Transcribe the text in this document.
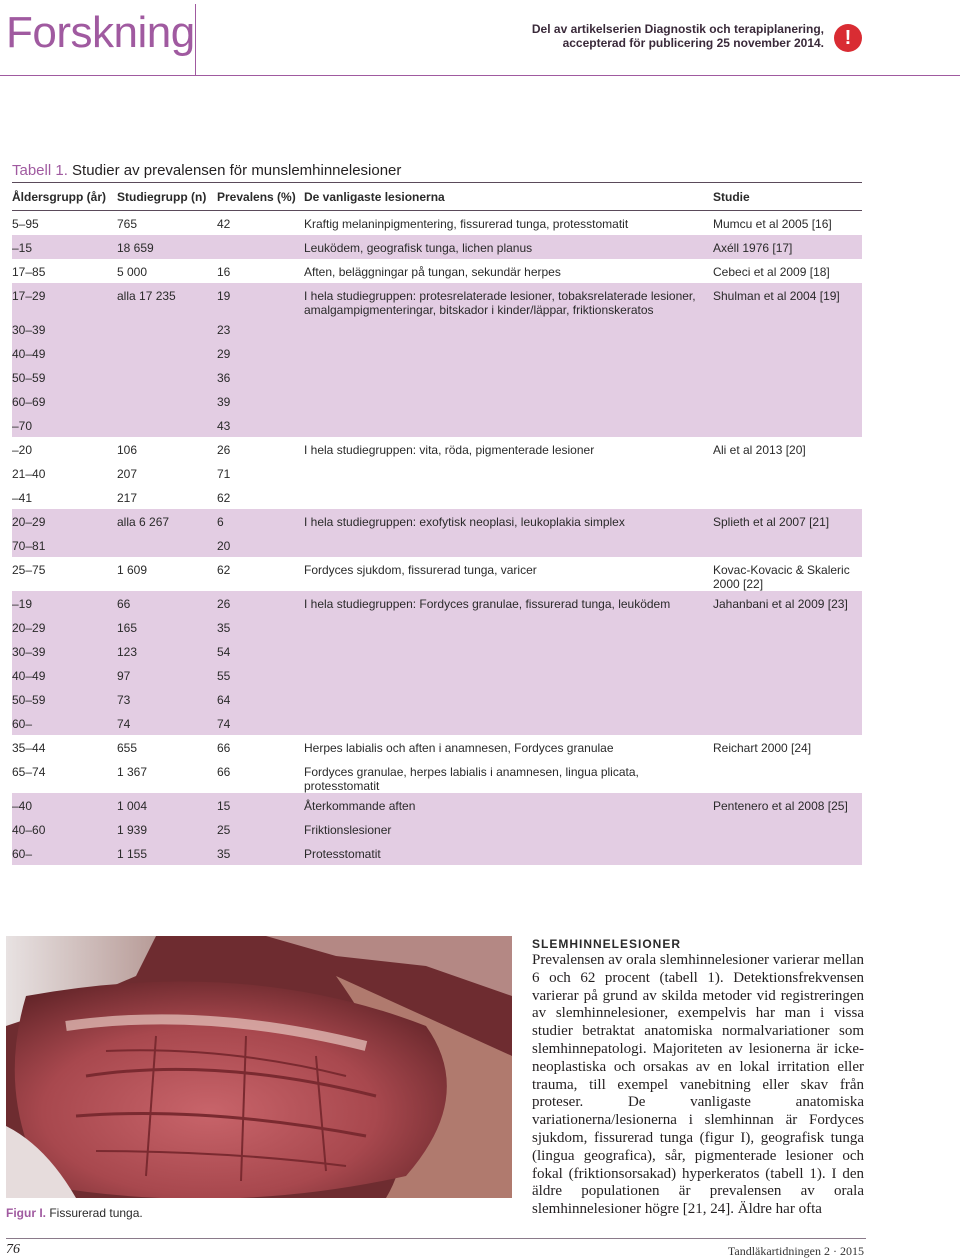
Forskning	Del av artikelserien Diagnostik och terapiplanering,
accepterad för publicering 25 november 2014.	!
Tabell 1. Studier av prevalensen för munslemhinnelesioner
Åldersgrupp (år)	Studiegrupp (n)	Prevalens (%)	De vanligaste lesionerna	Studie
5–95	765	42	Kraftig melaninpigmentering, fissurerad tunga, protesstomatit	Mumcu et al 2005 [16]
–15	18 659		Leuködem, geografisk tunga, lichen planus	Axéll 1976 [17]
17–85	5 000	16	Aften, beläggningar på tungan, sekundär herpes	Cebeci et al 2009 [18]
17–29	alla 17 235	19	I hela studiegruppen: protesrelaterade lesioner, tobaksrelaterade lesioner, amalgampigmenteringar, bitskador i kinder/läppar, friktionskeratos	Shulman et al 2004 [19]
30–39		23		
40–49		29		
50–59		36		
60–69		39		
–70		43		
–20	106	26	I hela studiegruppen: vita, röda, pigmenterade lesioner	Ali et al 2013 [20]
21–40	207	71		
–41	217	62		
20–29	alla 6 267	6	I hela studiegruppen: exofytisk neoplasi, leukoplakia simplex	Splieth et al 2007 [21]
70–81		20		
25–75	1 609	62	Fordyces sjukdom, fissurerad tunga, varicer	Kovac-Kovacic & Skaleric 2000 [22]
–19	66	26	I hela studiegruppen: Fordyces granulae, fissurerad tunga, leuködem	Jahanbani et al 2009 [23]
20–29	165	35		
30–39	123	54		
40–49	97	55		
50–59	73	64		
60–	74	74		
35–44	655	66	Herpes labialis och aften i anamnesen, Fordyces granulae	Reichart 2000 [24]
65–74	1 367	66	Fordyces granulae, herpes labialis i anamnesen, lingua plicata, protesstomatit	
–40	1 004	15	Återkommande aften	Pentenero et al 2008 [25]
40–60	1 939	25	Friktionslesioner	
60–	1 155	35	Protesstomatit	
Figur I. Fissurerad tunga.
SLEMHINNELESIONER
Prevalensen av orala slemhinnelesioner varierar mellan 6 och 62 procent (tabell 1). Detektionsfrekvensen varierar på grund av skilda metoder vid registreringen av slemhinnelesioner, exempelvis har man i vissa studier betraktat anatomiska normalvariationer som slemhinnepatologi. Majoriteten av lesionerna är icke-neoplastiska och orsakas av en lokal irritation eller trauma, till exempel vanebitning eller skav från proteser. De vanligaste anatomiska variationerna/lesionerna i slemhinnan är Fordyces sjukdom, fissurerad tunga (figur I), geografisk tunga (lingua geografica), sår, pigmenterade lesioner och fokal (friktionsorsakad) hyperkeratos (tabell 1). I den äldre populationen är prevalensen av orala slemhinnelesioner högre [21, 24]. Äldre har ofta
76	Tandläkartidningen 2 · 2015
